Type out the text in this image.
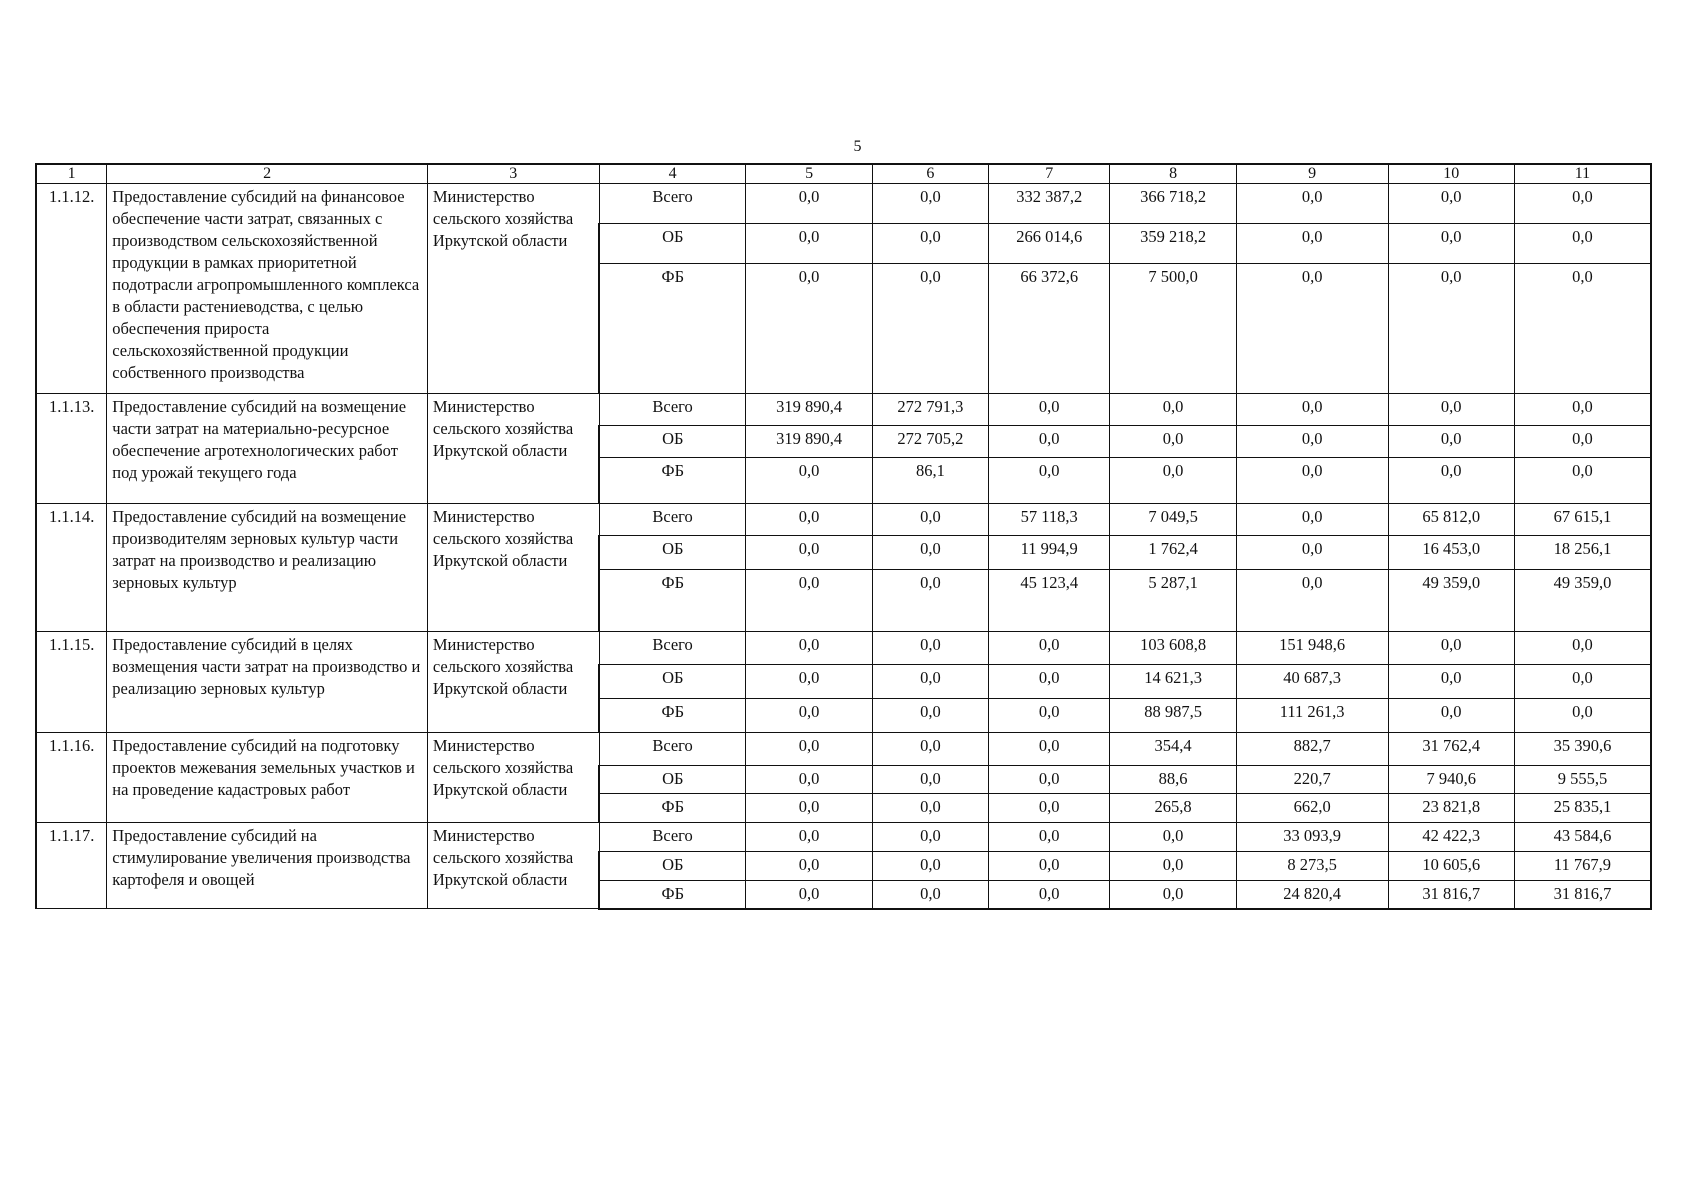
5
1	2	3	4	5	6	7	8	9	10	11
1.1.12.	Предоставление субсидий на финансовое обеспечение части затрат, связанных с производством сельскохозяйственной продукции в рамках приоритетной подотрасли агропромышленного комплекса в области растениеводства, с целью обеспечения прироста сельскохозяйственной продукции собственного производства	Министерство сельского хозяйства Иркутской области	Всего	0,0	0,0	332 387,2	366 718,2	0,0	0,0	0,0
			ОБ	0,0	0,0	266 014,6	359 218,2	0,0	0,0	0,0
			ФБ	0,0	0,0	66 372,6	7 500,0	0,0	0,0	0,0
1.1.13.	Предоставление субсидий на возмещение части затрат на материально-ресурсное обеспечение агротехнологических работ под урожай текущего года	Министерство сельского хозяйства Иркутской области	Всего	319 890,4	272 791,3	0,0	0,0	0,0	0,0	0,0
			ОБ	319 890,4	272 705,2	0,0	0,0	0,0	0,0	0,0
			ФБ	0,0	86,1	0,0	0,0	0,0	0,0	0,0
1.1.14.	Предоставление субсидий на возмещение производителям зерновых культур части затрат на производство и реализацию зерновых культур	Министерство сельского хозяйства Иркутской области	Всего	0,0	0,0	57 118,3	7 049,5	0,0	65 812,0	67 615,1
			ОБ	0,0	0,0	11 994,9	1 762,4	0,0	16 453,0	18 256,1
			ФБ	0,0	0,0	45 123,4	5 287,1	0,0	49 359,0	49 359,0
1.1.15.	Предоставление субсидий в целях возмещения части затрат на производство и реализацию зерновых культур	Министерство сельского хозяйства Иркутской области	Всего	0,0	0,0	0,0	103 608,8	151 948,6	0,0	0,0
			ОБ	0,0	0,0	0,0	14 621,3	40 687,3	0,0	0,0
			ФБ	0,0	0,0	0,0	88 987,5	111 261,3	0,0	0,0
1.1.16.	Предоставление субсидий на подготовку проектов межевания земельных участков и на проведение кадастровых работ	Министерство сельского хозяйства Иркутской области	Всего	0,0	0,0	0,0	354,4	882,7	31 762,4	35 390,6
			ОБ	0,0	0,0	0,0	88,6	220,7	7 940,6	9 555,5
			ФБ	0,0	0,0	0,0	265,8	662,0	23 821,8	25 835,1
1.1.17.	Предоставление субсидий на стимулирование увеличения производства картофеля и овощей	Министерство сельского хозяйства Иркутской области	Всего	0,0	0,0	0,0	0,0	33 093,9	42 422,3	43 584,6
			ОБ	0,0	0,0	0,0	0,0	8 273,5	10 605,6	11 767,9
			ФБ	0,0	0,0	0,0	0,0	24 820,4	31 816,7	31 816,7
